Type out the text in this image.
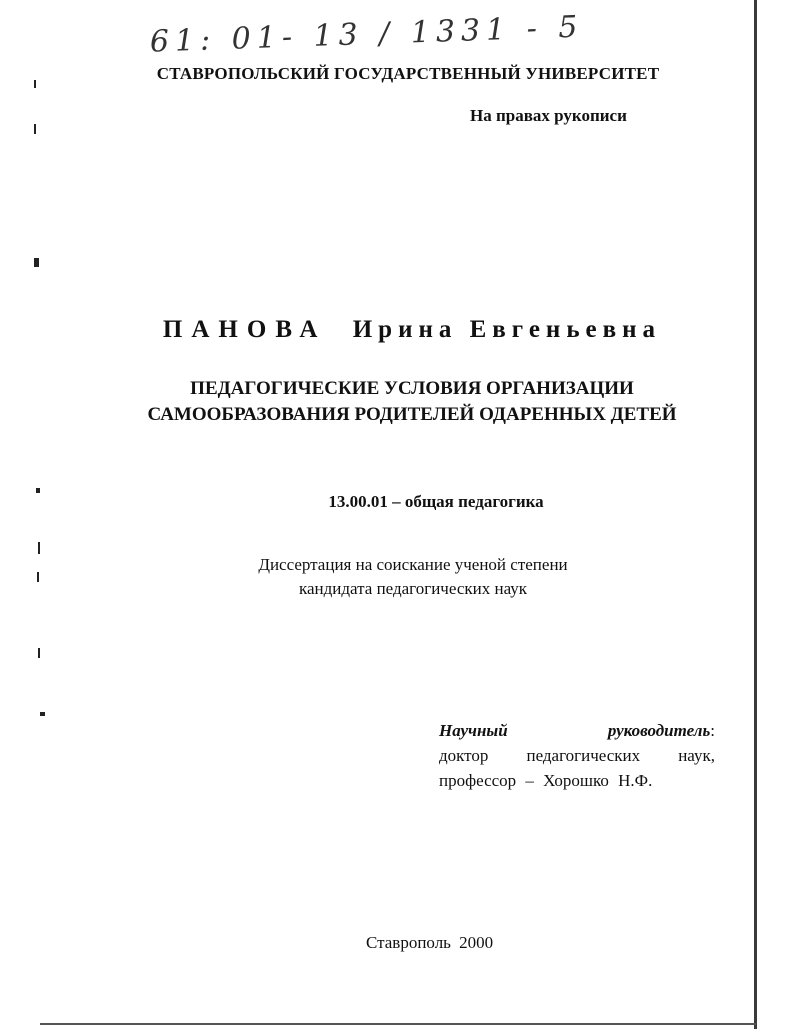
61: 01- 13 / 1331 - 5
СТАВРОПОЛЬСКИЙ ГОСУДАРСТВЕННЫЙ УНИВЕРСИТЕТ
На правах рукописи
ПАНОВА Ирина Евгеньевна
ПЕДАГОГИЧЕСКИЕ УСЛОВИЯ ОРГАНИЗАЦИИ
САМООБРАЗОВАНИЯ РОДИТЕЛЕЙ ОДАРЕННЫХ ДЕТЕЙ
13.00.01 – общая педагогика
Диссертация на соискание ученой степени
кандидата педагогических наук
Научный	руководитель:
доктор педагогических наук,
профессор – Хорошко Н.Ф.
Ставрополь 2000
